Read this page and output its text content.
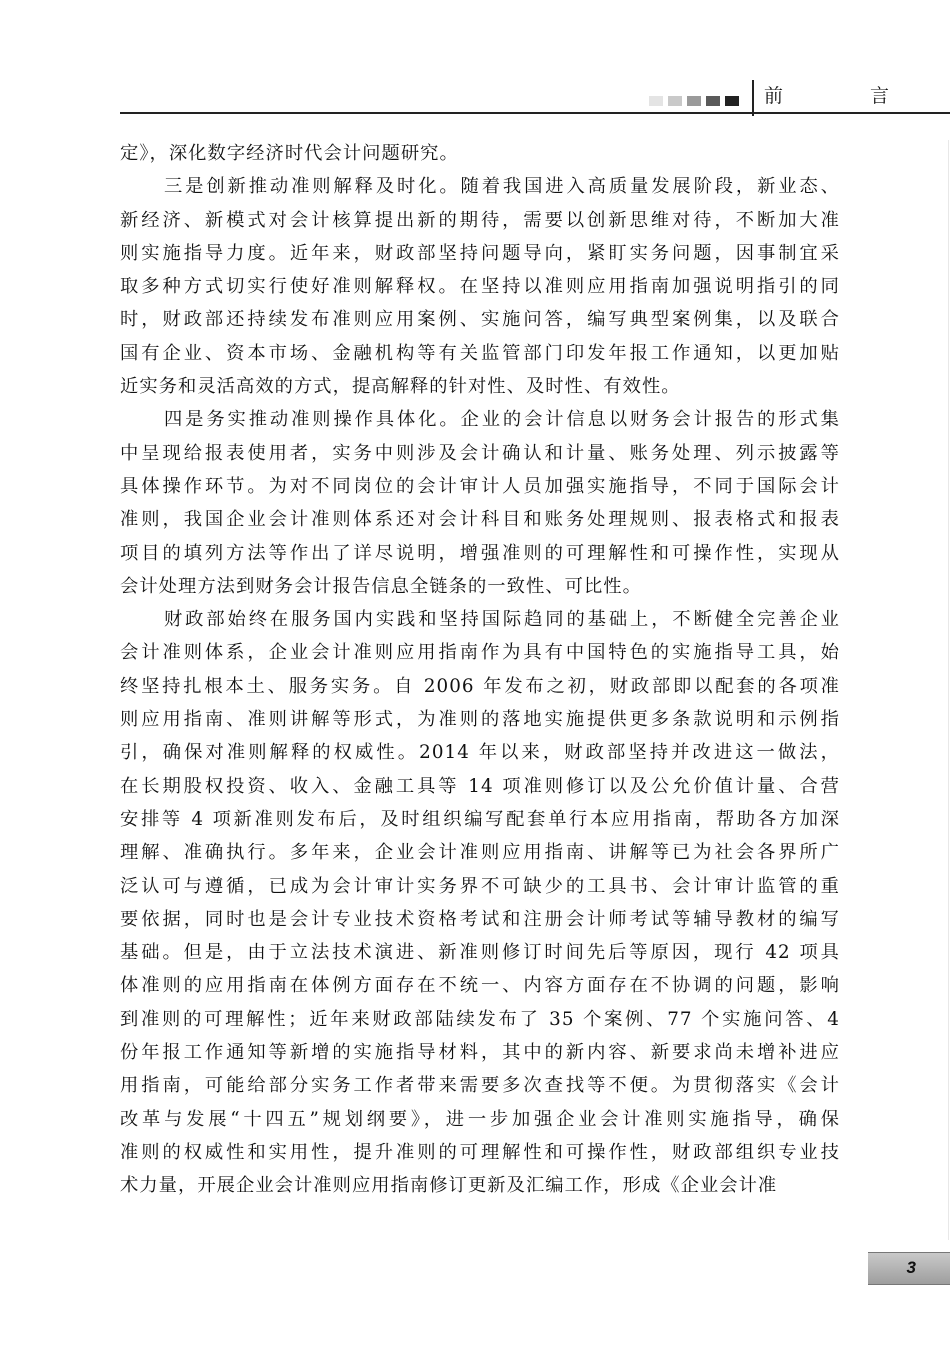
前　言
定》，深化数字经济时代会计问题研究。
三是创新推动准则解释及时化。随着我国进入高质量发展阶段，新业态、
新经济、新模式对会计核算提出新的期待，需要以创新思维对待，不断加大准
则实施指导力度。近年来，财政部坚持问题导向，紧盯实务问题，因事制宜采
取多种方式切实行使好准则解释权。在坚持以准则应用指南加强说明指引的同
时，财政部还持续发布准则应用案例、实施问答，编写典型案例集，以及联合
国有企业、资本市场、金融机构等有关监管部门印发年报工作通知，以更加贴
近实务和灵活高效的方式，提高解释的针对性、及时性、有效性。
四是务实推动准则操作具体化。企业的会计信息以财务会计报告的形式集
中呈现给报表使用者，实务中则涉及会计确认和计量、账务处理、列示披露等
具体操作环节。为对不同岗位的会计审计人员加强实施指导，不同于国际会计
准则，我国企业会计准则体系还对会计科目和账务处理规则、报表格式和报表
项目的填列方法等作出了详尽说明，增强准则的可理解性和可操作性，实现从
会计处理方法到财务会计报告信息全链条的一致性、可比性。
财政部始终在服务国内实践和坚持国际趋同的基础上，不断健全完善企业
会计准则体系，企业会计准则应用指南作为具有中国特色的实施指导工具，始
终坚持扎根本土、服务实务。自 2006 年发布之初，财政部即以配套的各项准
则应用指南、准则讲解等形式，为准则的落地实施提供更多条款说明和示例指
引，确保对准则解释的权威性。2014 年以来，财政部坚持并改进这一做法，
在长期股权投资、收入、金融工具等 14 项准则修订以及公允价值计量、合营
安排等 4 项新准则发布后，及时组织编写配套单行本应用指南，帮助各方加深
理解、准确执行。多年来，企业会计准则应用指南、讲解等已为社会各界所广
泛认可与遵循，已成为会计审计实务界不可缺少的工具书、会计审计监管的重
要依据，同时也是会计专业技术资格考试和注册会计师考试等辅导教材的编写
基础。但是，由于立法技术演进、新准则修订时间先后等原因，现行 42 项具
体准则的应用指南在体例方面存在不统一、内容方面存在不协调的问题，影响
到准则的可理解性；近年来财政部陆续发布了 35 个案例、77 个实施问答、4
份年报工作通知等新增的实施指导材料，其中的新内容、新要求尚未增补进应
用指南，可能给部分实务工作者带来需要多次查找等不便。为贯彻落实《会计
改革与发展“十四五”规划纲要》，进一步加强企业会计准则实施指导，确保
准则的权威性和实用性，提升准则的可理解性和可操作性，财政部组织专业技
术力量，开展企业会计准则应用指南修订更新及汇编工作，形成《企业会计准
3
